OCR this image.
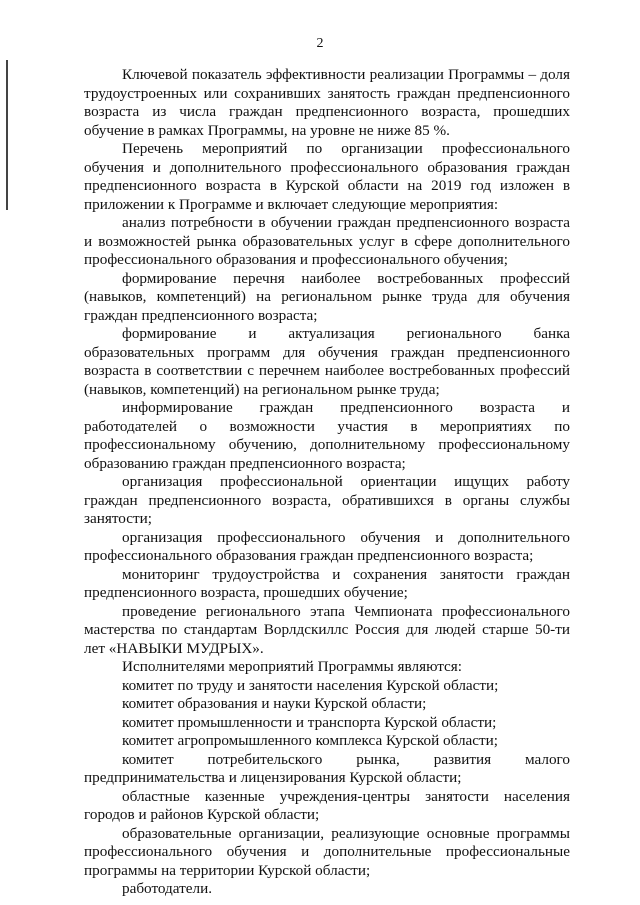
2

Ключевой показатель эффективности реализации Программы – доля трудоустроенных или сохранивших занятость граждан предпенсионного возраста из числа граждан предпенсионного возраста, прошедших обучение в рамках Программы, на уровне не ниже 85 %.

Перечень мероприятий по организации профессионального обучения и дополнительного профессионального образования граждан предпенсионного возраста в Курской области на 2019 год изложен в приложении к Программе и включает следующие мероприятия:

анализ потребности в обучении граждан предпенсионного возраста и возможностей рынка образовательных услуг в сфере дополнительного профессионального образования и профессионального обучения;

формирование перечня наиболее востребованных профессий (навыков, компетенций) на региональном рынке труда для обучения граждан предпенсионного возраста;

формирование и актуализация регионального банка образовательных программ для обучения граждан предпенсионного возраста в соответствии с перечнем наиболее востребованных профессий (навыков, компетенций) на региональном рынке труда;

информирование граждан предпенсионного возраста и работодателей о возможности участия в мероприятиях по профессиональному обучению, дополнительному профессиональному образованию граждан предпенсионного возраста;

организация профессиональной ориентации ищущих работу граждан предпенсионного возраста, обратившихся в органы службы занятости;

организация профессионального обучения и дополнительного профессионального образования граждан предпенсионного возраста;

мониторинг трудоустройства и сохранения занятости граждан предпенсионного возраста, прошедших обучение;

проведение регионального этапа Чемпионата профессионального мастерства по стандартам Ворлдскиллс Россия для людей старше 50-ти лет «НАВЫКИ МУДРЫХ».

Исполнителями мероприятий Программы являются:

комитет по труду и занятости населения Курской области;

комитет образования и науки Курской области;

комитет промышленности и транспорта Курской области;

комитет агропромышленного комплекса Курской области;

комитет потребительского рынка, развития малого предпринимательства и лицензирования Курской области;

областные казенные учреждения-центры занятости населения городов и районов Курской области;

образовательные организации, реализующие основные программы профессионального обучения и дополнительные профессиональные программы на территории Курской области;

работодатели.
